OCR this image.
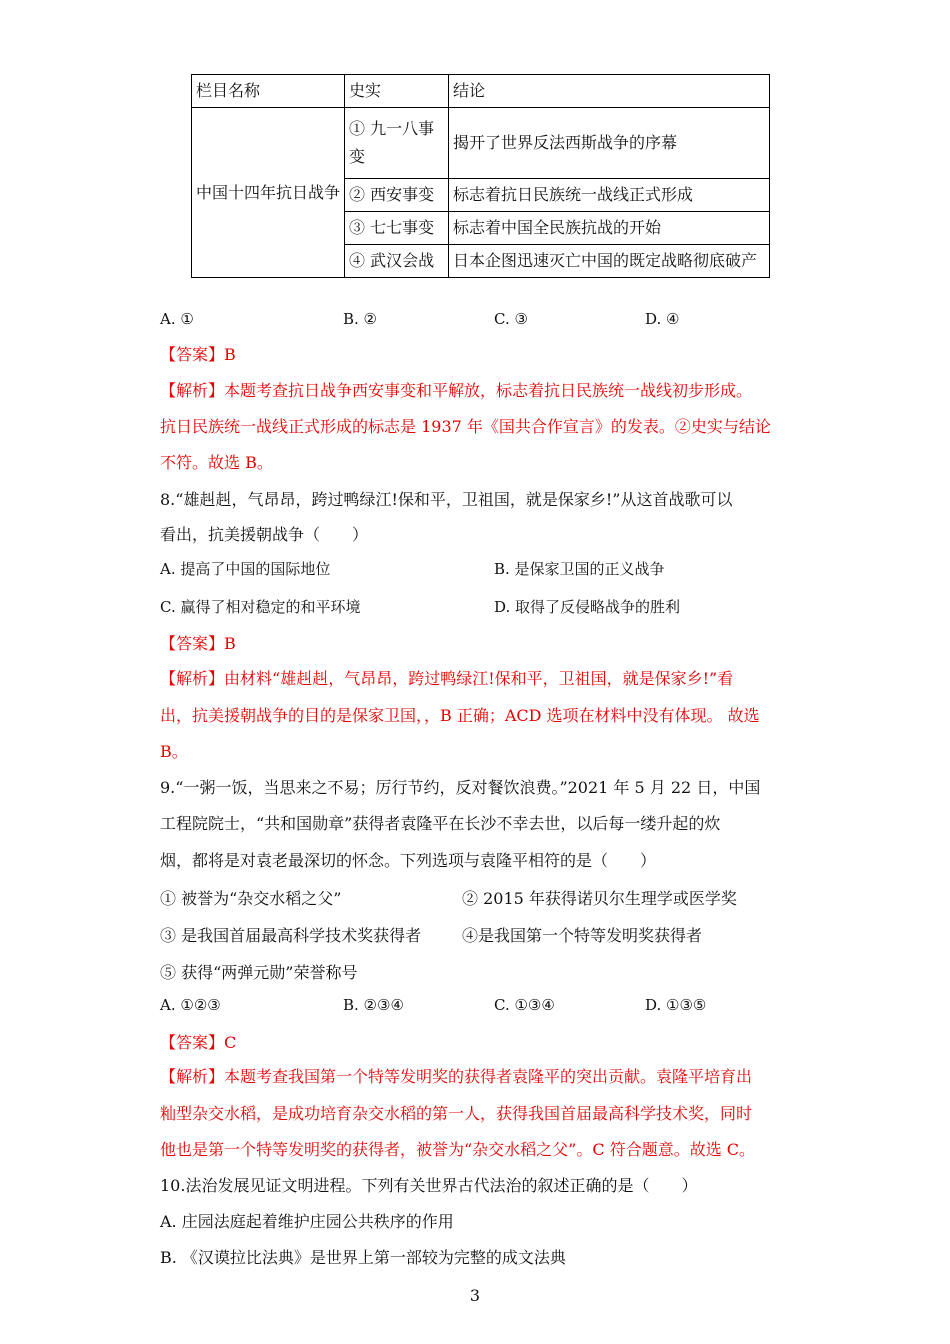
栏目名称	史实	结论
中国十四年抗日战争	① 九一八事变	揭开了世界反法西斯战争的序幕
	② 西安事变	标志着抗日民族统一战线正式形成
	③ 七七事变	标志着中国全民族抗战的开始
	④ 武汉会战	日本企图迅速灭亡中国的既定战略彻底破产
A. ①	B. ②	C. ③	D. ④
【答案】B
【解析】本题考查抗日战争西安事变和平解放，标志着抗日民族统一战线初步形成。
抗日民族统一战线正式形成的标志是 1937 年《国共合作宣言》的发表。②史实与结论
不符。故选 B。
8.“雄赳赳，气昂昂，跨过鸭绿江!保和平，卫祖国，就是保家乡!”从这首战歌可以
看出，抗美援朝战争（　　）
A. 提高了中国的国际地位	B. 是保家卫国的正义战争
C. 赢得了相对稳定的和平环境	D. 取得了反侵略战争的胜利
【答案】B
【解析】由材料“雄赳赳，气昂昂，跨过鸭绿江!保和平，卫祖国，就是保家乡!”看
出，抗美援朝战争的目的是保家卫国，，B 正确；ACD 选项在材料中没有体现。 故选
B。
9.“一粥一饭，当思来之不易；厉行节约，反对餐饮浪费。”2021 年 5 月 22 日，中国
工程院院士，“共和国勋章”获得者袁隆平在长沙不幸去世，以后每一缕升起的炊
烟，都将是对袁老最深切的怀念。下列选项与袁隆平相符的是（　　）
① 被誉为“杂交水稻之父”	② 2015 年获得诺贝尔生理学或医学奖
③ 是我国首届最高科学技术奖获得者	④是我国第一个特等发明奖获得者
⑤ 获得“两弹元勋”荣誉称号
A. ①②③	B. ②③④	C. ①③④	D. ①③⑤
【答案】C
【解析】本题考查我国第一个特等发明奖的获得者袁隆平的突出贡献。袁隆平培育出
籼型杂交水稻，是成功培育杂交水稻的第一人，获得我国首届最高科学技术奖，同时
他也是第一个特等发明奖的获得者，被誉为“杂交水稻之父”。C 符合题意。故选 C。
10.法治发展见证文明进程。下列有关世界古代法治的叙述正确的是（　　）
A. 庄园法庭起着维护庄园公共秩序的作用
B. 《汉谟拉比法典》是世界上第一部较为完整的成文法典
3
